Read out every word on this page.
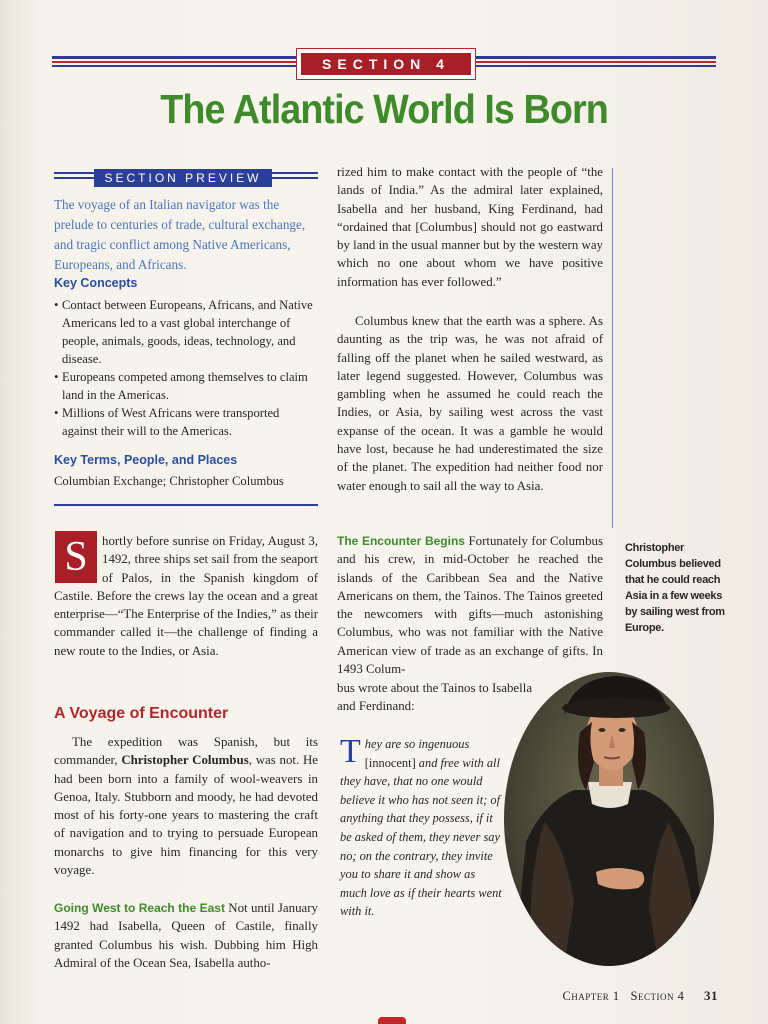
SECTION 4
The Atlantic World Is Born
SECTION PREVIEW
The voyage of an Italian navigator was the prelude to centuries of trade, cultural exchange, and tragic conflict among Native Americans, Europeans, and Africans.
Key Concepts
• Contact between Europeans, Africans, and Native Americans led to a vast global interchange of people, animals, goods, ideas, technology, and disease.
• Europeans competed among themselves to claim land in the Americas.
• Millions of West Africans were transported against their will to the Americas.
Key Terms, People, and Places
Columbian Exchange; Christopher Columbus
S	hortly before sunrise on Friday, August 3, 1492, three ships set sail from the seaport of Palos, in the Spanish kingdom of Castile. Before the crews lay the ocean and a great enterprise—“The Enterprise of the Indies,” as their commander called it—the challenge of finding a new route to the Indies, or Asia.

A Voyage of Encounter

The expedition was Spanish, but its commander, Christopher Columbus, was not. He had been born into a family of wool-weavers in Genoa, Italy. Stubborn and moody, he had devoted most of his forty-one years to mastering the craft of navigation and to trying to persuade European monarchs to give him financing for this very voyage.

Going West to Reach the East Not until January 1492 had Isabella, Queen of Castile, finally granted Columbus his wish. Dubbing him High Admiral of the Ocean Sea, Isabella autho-

rized him to make contact with the people of “the lands of India.” As the admiral later explained, Isabella and her husband, King Ferdinand, had “ordained that [Columbus] should not go eastward by land in the usual manner but by the western way which no one about whom we have positive information has ever followed.”

Columbus knew that the earth was a sphere. As daunting as the trip was, he was not afraid of falling off the planet when he sailed westward, as later legend suggested. However, Columbus was gambling when he assumed he could reach the Indies, or Asia, by sailing west across the vast expanse of the ocean. It was a gamble he would have lost, because he had underestimated the size of the planet. The expedition had neither food nor water enough to sail all the way to Asia.

The Encounter Begins Fortunately for Columbus and his crew, in mid-October he reached the islands of the Caribbean Sea and the Native Americans on them, the Tainos. The Tainos greeted the newcomers with gifts—much astonishing Columbus, who was not familiar with the Native American view of trade as an exchange of gifts. In 1493 Colum-

bus wrote about the Tainos to Isabella and Ferdinand:

They are so ingenuous [innocent] and free with all they have, that no one would believe it who has not seen it; of anything that they possess, if it be asked of them, they never say no; on the contrary, they invite you to share it and show as much love as if their hearts went with it.
Christopher Columbus believed that he could reach Asia in a few weeks by sailing west from Europe.
Chapter 1 Section 4 31
